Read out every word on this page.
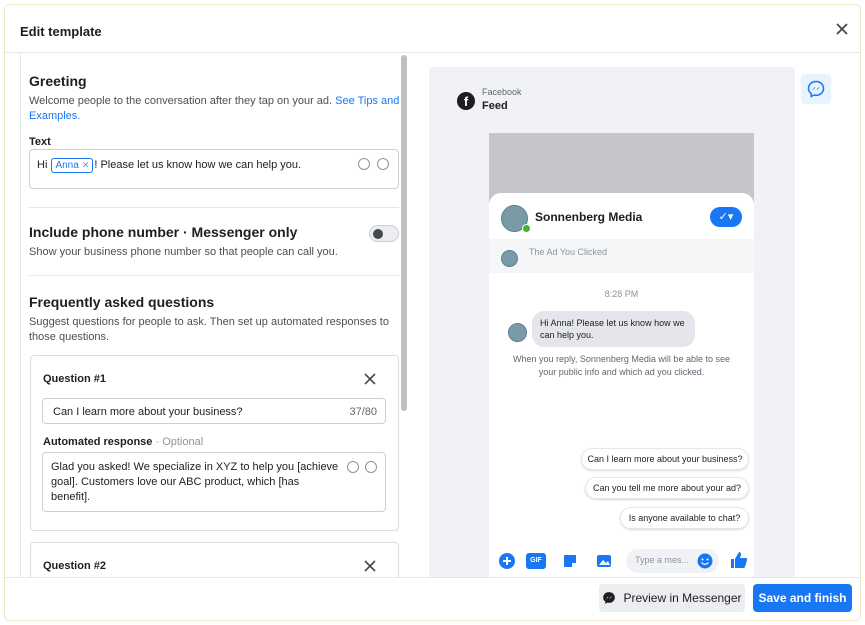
Edit template
Greeting
Welcome people to the conversation after they tap on your ad. See Tips and Examples.
Text
Hi Anna ✕ ! Please let us know how we can help you.
Include phone number · Messenger only
Show your business phone number so that people can call you.
Frequently asked questions
Suggest questions for people to ask. Then set up automated responses to those questions.
Question #1
Can I learn more about your business?	37/80
Automated response · Optional
Glad you asked! We specialize in XYZ to help you [achieve goal]. Customers love our ABC product, which [has benefit].
Question #2
f
Facebook
Feed
Sonnenberg Media	✓▾
The Ad You Clicked
8:28 PM
Hi Anna! Please let us know how we can help you.
When you reply, Sonnenberg Media will be able to see your public info and which ad you clicked.
Can I learn more about your business?
Can you tell me more about your ad?
Is anyone available to chat?
GIF	Type a mes...
Preview in Messenger	Save and finish
